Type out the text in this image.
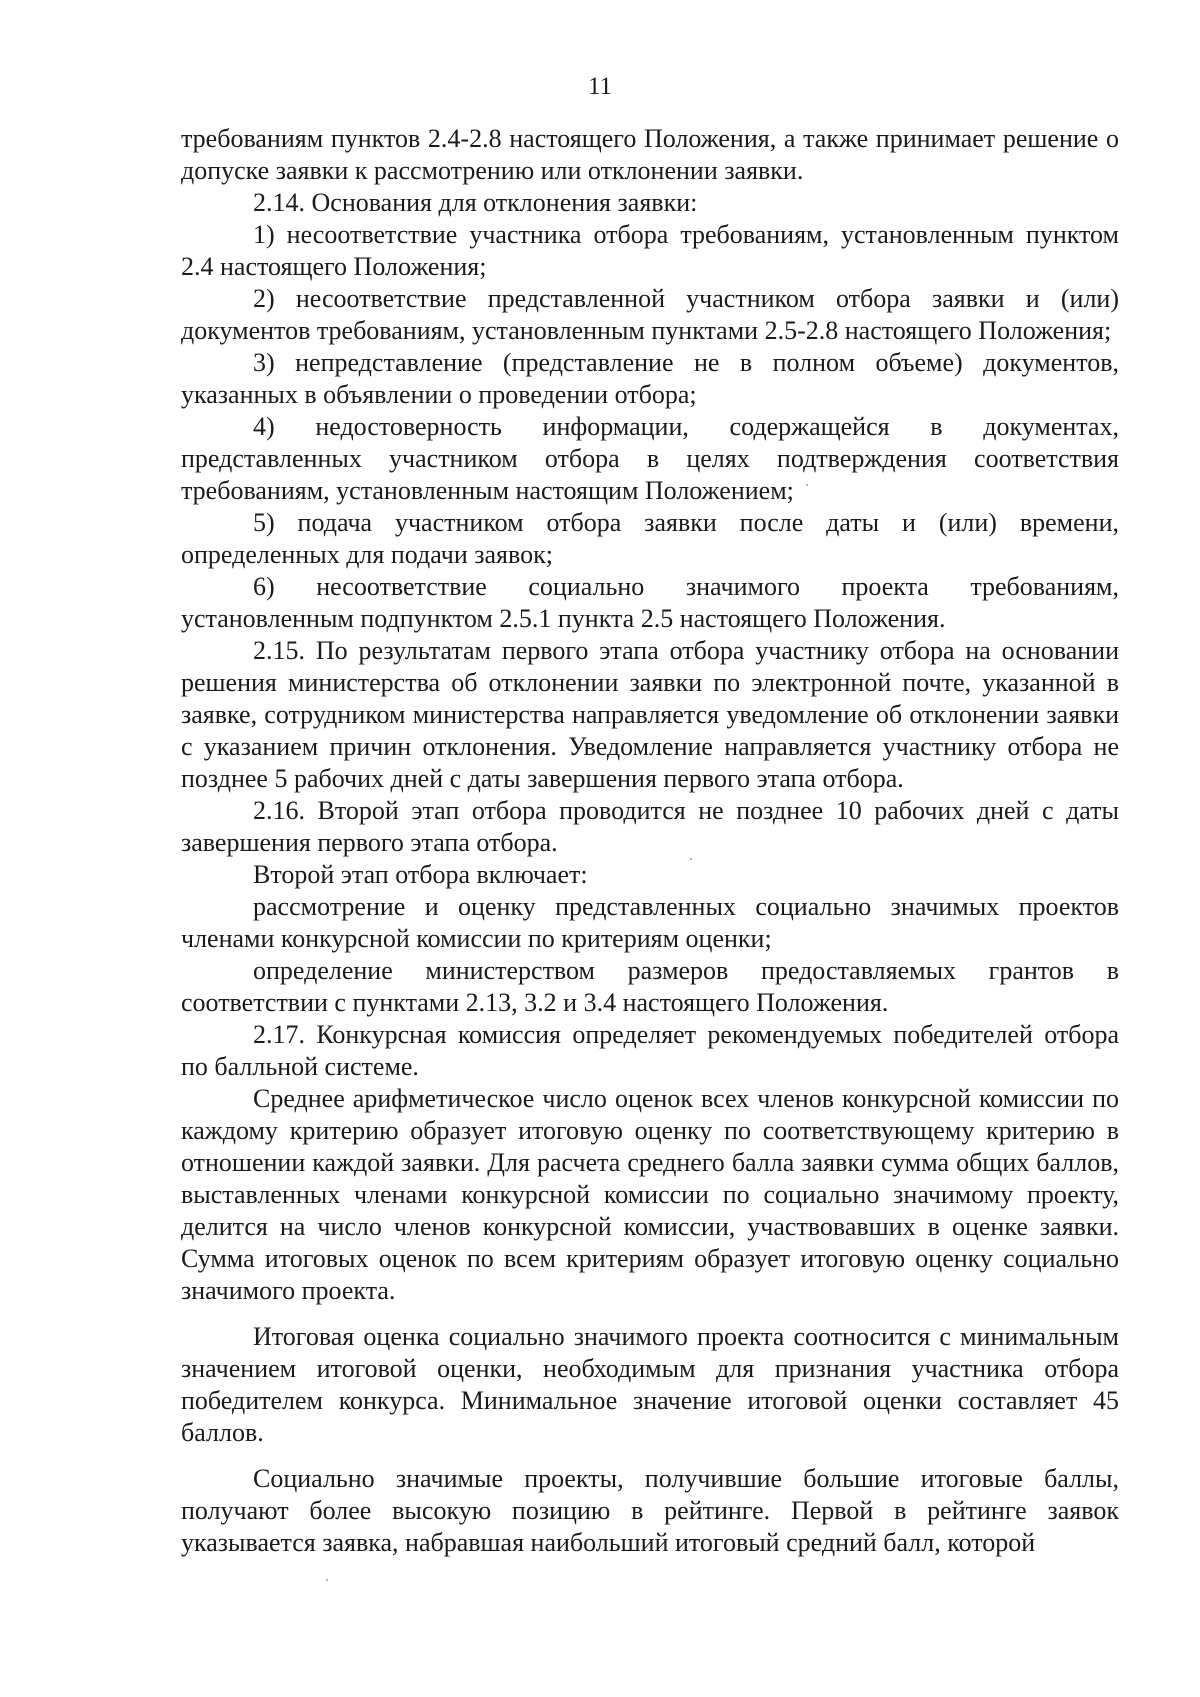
11

требованиям пунктов 2.4-2.8 настоящего Положения, а также принимает решение о допуске заявки к рассмотрению или отклонении заявки.

2.14. Основания для отклонения заявки:

1) несоответствие участника отбора требованиям, установленным пунктом 2.4 настоящего Положения;

2) несоответствие представленной участником отбора заявки и (или) документов требованиям, установленным пунктами 2.5-2.8 настоящего Положения;

3) непредставление (представление не в полном объеме) документов, указанных в объявлении о проведении отбора;

4) недостоверность информации, содержащейся в документах, представленных участником отбора в целях подтверждения соответствия требованиям, установленным настоящим Положением;

5) подача участником отбора заявки после даты и (или) времени, определенных для подачи заявок;

6) несоответствие социально значимого проекта требованиям, установленным подпунктом 2.5.1 пункта 2.5 настоящего Положения.

2.15. По результатам первого этапа отбора участнику отбора на основании решения министерства об отклонении заявки по электронной почте, указанной в заявке, сотрудником министерства направляется уведомление об отклонении заявки с указанием причин отклонения. Уведомление направляется участнику отбора не позднее 5 рабочих дней с даты завершения первого этапа отбора.

2.16. Второй этап отбора проводится не позднее 10 рабочих дней с даты завершения первого этапа отбора.

Второй этап отбора включает:

рассмотрение и оценку представленных социально значимых проектов членами конкурсной комиссии по критериям оценки;

определение министерством размеров предоставляемых грантов в соответствии с пунктами 2.13, 3.2 и 3.4 настоящего Положения.

2.17. Конкурсная комиссия определяет рекомендуемых победителей отбора по балльной системе.

Среднее арифметическое число оценок всех членов конкурсной комиссии по каждому критерию образует итоговую оценку по соответствующему критерию в отношении каждой заявки. Для расчета среднего балла заявки сумма общих баллов, выставленных членами конкурсной комиссии по социально значимому проекту, делится на число членов конкурсной комиссии, участвовавших в оценке заявки. Сумма итоговых оценок по всем критериям образует итоговую оценку социально значимого проекта.

Итоговая оценка социально значимого проекта соотносится с минимальным значением итоговой оценки, необходимым для признания участника отбора победителем конкурса. Минимальное значение итоговой оценки составляет 45 баллов.

Социально значимые проекты, получившие большие итоговые баллы, получают более высокую позицию в рейтинге. Первой в рейтинге заявок указывается заявка, набравшая наибольший итоговый средний балл, которой
